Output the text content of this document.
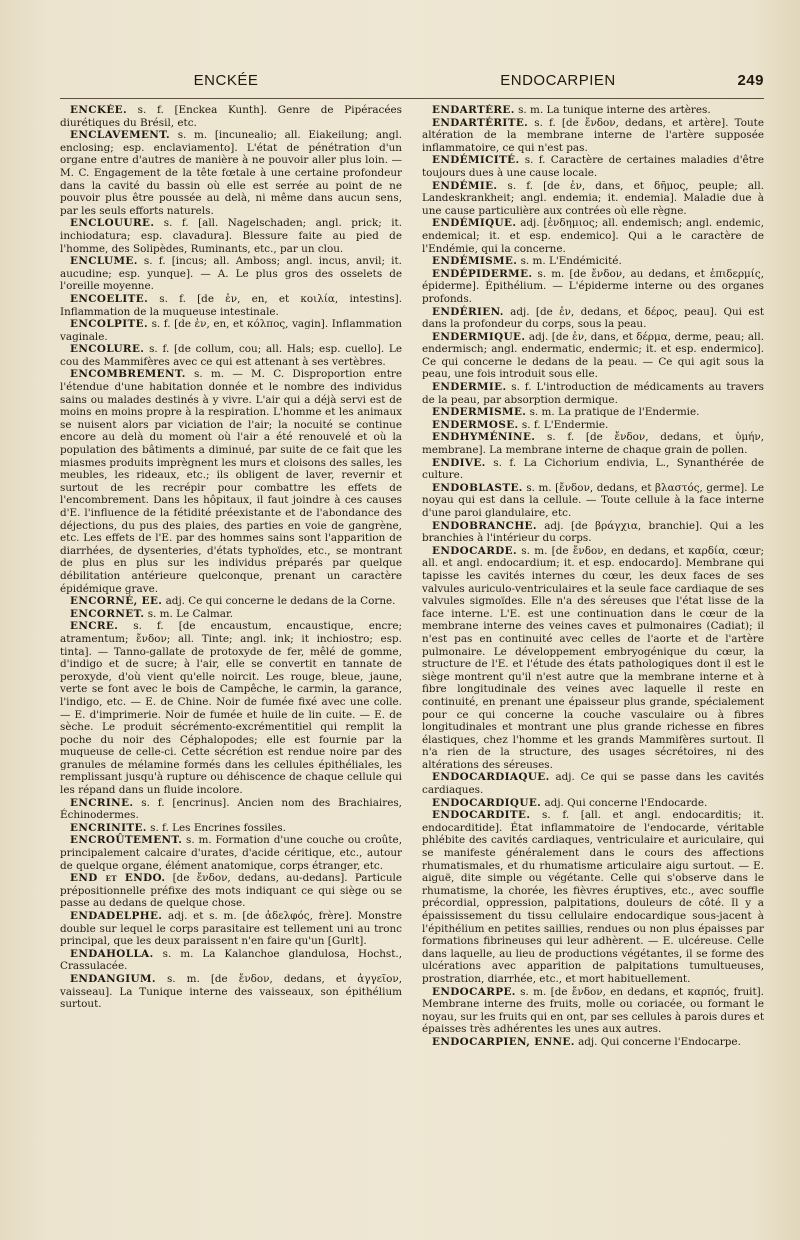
ENCKÉE	ENDOCARPIEN	249

ENCKÉE. s. f. [Enckea Kunth]. Genre de Pipéracées diurétiques du Brésil, etc.

ENCLAVEMENT. s. m. [incunealio; all. Eiakeilung; angl. enclosing; esp. enclaviamento]. L'état de pénétration d'un organe entre d'autres de manière à ne pouvoir aller plus loin. — M. C. Engagement de la tête fœtale à une certaine profondeur dans la cavité du bassin où elle est serrée au point de ne pouvoir plus être poussée au delà, ni même dans aucun sens, par les seuls efforts naturels.

ENCLOUURE. s. f. [all. Nagelschaden; angl. prick; it. inchiodatura; esp. clavadura]. Blessure faite au pied de l'homme, des Solipèdes, Ruminants, etc., par un clou.

ENCLUME. s. f. [incus; all. Amboss; angl. incus, anvil; it. aucudine; esp. yunque]. — A. Le plus gros des osselets de l'oreille moyenne.

ENCOELITE. s. f. [de ἐν, en, et κοιλία, intestins]. Inflammation de la muqueuse intestinale.

ENCOLPITE. s. f. [de ἐν, en, et κόλπος, vagin]. Inflammation vaginale.

ENCOLURE. s. f. [de collum, cou; all. Hals; esp. cuello]. Le cou des Mammifères avec ce qui est attenant à ses vertèbres.

ENCOMBREMENT. s. m. — M. C. Disproportion entre l'étendue d'une habitation donnée et le nombre des individus sains ou malades destinés à y vivre. L'air qui a déjà servi est de moins en moins propre à la respiration. L'homme et les animaux se nuisent alors par viciation de l'air; la nocuité se continue encore au delà du moment où l'air a été renouvelé et où la population des bâtiments a diminué, par suite de ce fait que les miasmes produits imprègnent les murs et cloisons des salles, les meubles, les rideaux, etc.; ils obligent de laver, revernir et surtout de les recrépir pour combattre les effets de l'encombrement. Dans les hôpitaux, il faut joindre à ces causes d'E. l'influence de la fétidité préexistante et de l'abondance des déjections, du pus des plaies, des parties en voie de gangrène, etc. Les effets de l'E. par des hommes sains sont l'apparition de diarrhées, de dysenteries, d'états typhoïdes, etc., se montrant de plus en plus sur les individus préparés par quelque débilitation antérieure quelconque, prenant un caractère épidémique grave.

ENCORNÉ, EE. adj. Ce qui concerne le dedans de la Corne.

ENCORNET. s. m. Le Calmar.

ENCRE. s. f. [de encaustum, encaustique, encre; atramentum; ἔνδον; all. Tinte; angl. ink; it inchiostro; esp. tinta]. — Tanno-gallate de protoxyde de fer, mêlé de gomme, d'indigo et de sucre; à l'air, elle se convertit en tannate de peroxyde, d'où vient qu'elle noircit. Les rouge, bleue, jaune, verte se font avec le bois de Campêche, le carmin, la garance, l'indigo, etc. — E. de Chine. Noir de fumée fixé avec une colle. — E. d'imprimerie. Noir de fumée et huile de lin cuite. — E. de sèche. Le produit sécrémento-excrémentitiel qui remplit la poche du noir des Céphalopodes; elle est fournie par la muqueuse de celle-ci. Cette sécrétion est rendue noire par des granules de mélamine formés dans les cellules épithéliales, les remplissant jusqu'à rupture ou déhiscence de chaque cellule qui les répand dans un fluide incolore.

ENCRINE. s. f. [encrinus]. Ancien nom des Brachiaires, Échinodermes.

ENCRINITE. s. f. Les Encrines fossiles.

ENCROÛTEMENT. s. m. Formation d'une couche ou croûte, principalement calcaire d'urates, d'acide céritique, etc., autour de quelque organe, élément anatomique, corps étranger, etc.

END et ENDO. [de ἔνδον, dedans, au-dedans]. Particule prépositionnelle préfixe des mots indiquant ce qui siège ou se passe au dedans de quelque chose.

ENDADELPHE. adj. et s. m. [de ἀδελφός, frère]. Monstre double sur lequel le corps parasitaire est tellement uni au tronc principal, que les deux paraissent n'en faire qu'un [Gurlt].

ENDAHOLLA. s. m. La Kalanchoe glandulosa, Hochst., Crassulacée.

ENDANGIUM. s. m. [de ἔνδον, dedans, et ἀγγεῖον, vaisseau]. La Tunique interne des vaisseaux, son épithélium surtout.

ENDARTÈRE. s. m. La tunique interne des artères.

ENDARTÉRITE. s. f. [de ἔνδον, dedans, et artère]. Toute altération de la membrane interne de l'artère supposée inflammatoire, ce qui n'est pas.

ENDÉMICITÉ. s. f. Caractère de certaines maladies d'être toujours dues à une cause locale.

ENDÉMIE. s. f. [de ἐν, dans, et δῆμος, peuple; all. Landeskrankheit; angl. endemia; it. endemia]. Maladie due à une cause particulière aux contrées où elle règne.

ENDÉMIQUE. adj. [ἐνδημιος; all. endemisch; angl. endemic, endemical; it. et esp. endemico]. Qui a le caractère de l'Endémie, qui la concerne.

ENDÉMISME. s. m. L'Endémicité.

ENDÉPIDERME. s. m. [de ἔνδον, au dedans, et ἐπιδερμίς, épiderme]. Épithélium. — L'épiderme interne ou des organes profonds.

ENDÉRIEN. adj. [de ἐν, dedans, et δέρος, peau]. Qui est dans la profondeur du corps, sous la peau.

ENDERMIQUE. adj. [de ἐν, dans, et δέρμα, derme, peau; all. endermisch; angl. endermatic, endermic; it. et esp. endermico]. Ce qui concerne le dedans de la peau. — Ce qui agit sous la peau, une fois introduit sous elle.

ENDERMIE. s. f. L'introduction de médicaments au travers de la peau, par absorption dermique.

ENDERMISME. s. m. La pratique de l'Endermie.

ENDERMOSE. s. f. L'Endermie.

ENDHYMÉNINE. s. f. [de ἔνδον, dedans, et ὑμήν, membrane]. La membrane interne de chaque grain de pollen.

ENDIVE. s. f. La Cichorium endivia, L., Synanthérée de culture.

ENDOBLASTE. s. m. [ἔνδον, dedans, et βλαστός, germe]. Le noyau qui est dans la cellule. — Toute cellule à la face interne d'une paroi glandulaire, etc.

ENDOBRANCHE. adj. [de βράγχια, branchie]. Qui a les branchies à l'intérieur du corps.

ENDOCARDE. s. m. [de ἔνδον, en dedans, et καρδία, cœur; all. et angl. endocardium; it. et esp. endocardo]. Membrane qui tapisse les cavités internes du cœur, les deux faces de ses valvules auriculo-ventriculaires et la seule face cardiaque de ses valvules sigmoïdes. Elle n'a des séreuses que l'état lisse de la face interne. L'E. est une continuation dans le cœur de la membrane interne des veines caves et pulmonaires (Cadiat); il n'est pas en continuité avec celles de l'aorte et de l'artère pulmonaire. Le développement embryogénique du cœur, la structure de l'E. et l'étude des états pathologiques dont il est le siège montrent qu'il n'est autre que la membrane interne et à fibre longitudinale des veines avec laquelle il reste en continuité, en prenant une épaisseur plus grande, spécialement pour ce qui concerne la couche vasculaire ou à fibres longitudinales et montrant une plus grande richesse en fibres élastiques, chez l'homme et les grands Mammifères surtout. Il n'a rien de la structure, des usages sécrétoires, ni des altérations des séreuses.

ENDOCARDIAQUE. adj. Ce qui se passe dans les cavités cardiaques.

ENDOCARDIQUE. adj. Qui concerne l'Endocarde.

ENDOCARDITE. s. f. [all. et angl. endocarditis; it. endocarditide]. État inflammatoire de l'endocarde, véritable phlébite des cavités cardiaques, ventriculaire et auriculaire, qui se manifeste généralement dans le cours des affections rhumatismales, et du rhumatisme articulaire aigu surtout. — E. aiguë, dite simple ou végétante. Celle qui s'observe dans le rhumatisme, la chorée, les fièvres éruptives, etc., avec souffle précordial, oppression, palpitations, douleurs de côté. Il y a épaississement du tissu cellulaire endocardique sous-jacent à l'épithélium en petites saillies, rendues ou non plus épaisses par formations fibrineuses qui leur adhèrent. — E. ulcéreuse. Celle dans laquelle, au lieu de productions végétantes, il se forme des ulcérations avec apparition de palpitations tumultueuses, prostration, diarrhée, etc., et mort habituellement.

ENDOCARPE. s. m. [de ἔνδον, en dedans, et καρπός, fruit]. Membrane interne des fruits, molle ou coriacée, ou formant le noyau, sur les fruits qui en ont, par ses cellules à parois dures et épaisses très adhérentes les unes aux autres.

ENDOCARPIEN, ENNE. adj. Qui concerne l'Endocarpe.
